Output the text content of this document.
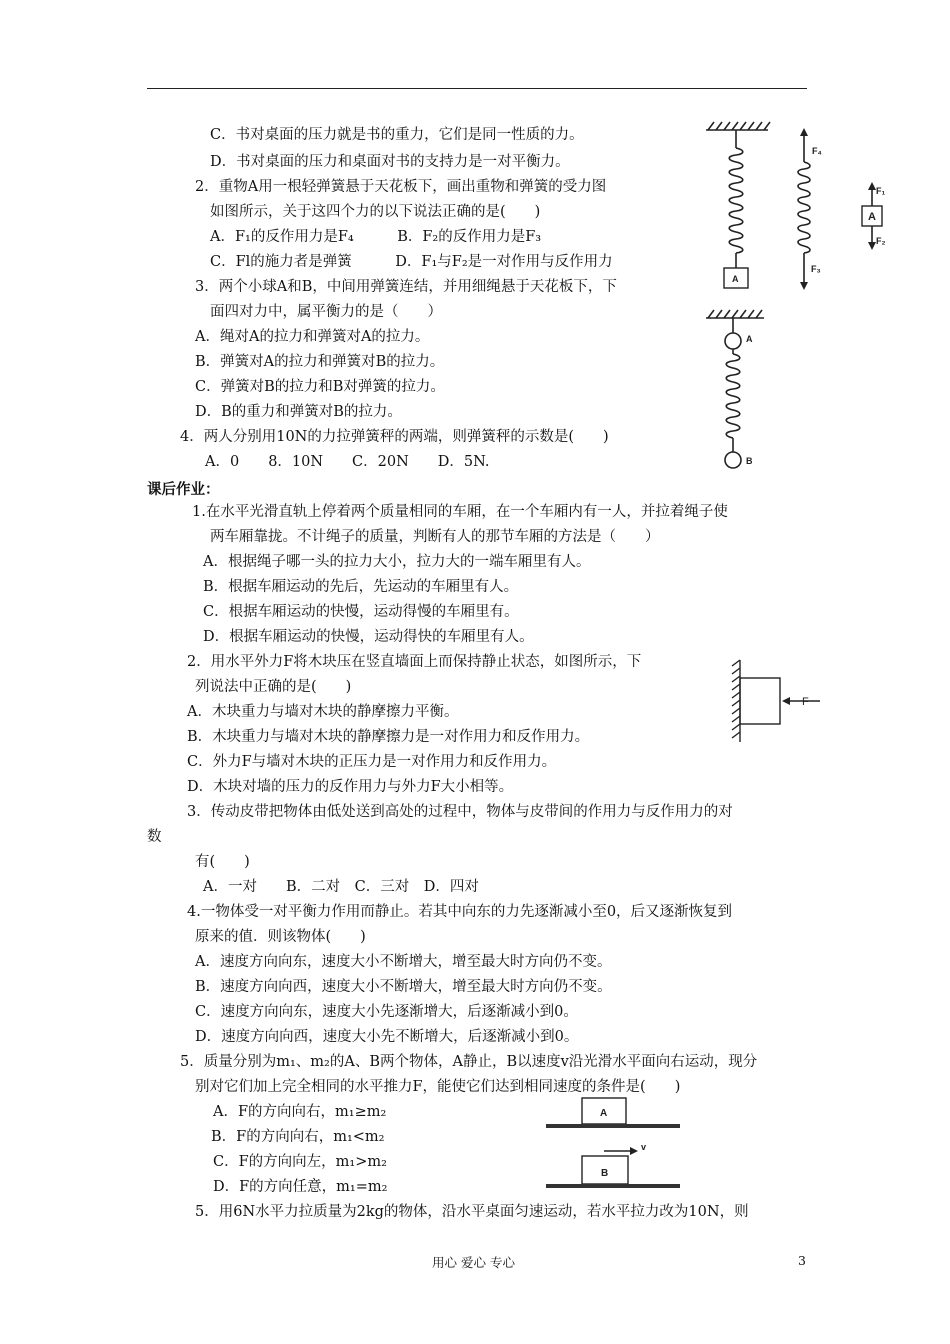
C．书对桌面的压力就是书的重力，它们是同一性质的力。
D．书对桌面的压力和桌面对书的支持力是一对平衡力。
2．重物A用一根轻弹簧悬于天花板下，画出重物和弹簧的受力图
如图所示，关于这四个力的以下说法正确的是(　　)
A．F₁的反作用力是F₄　　　B．F₂的反作用力是F₃
C．Fl的施力者是弹簧　　　D．F₁与F₂是一对作用与反作用力
3．两个小球A和B，中间用弹簧连结，并用细绳悬于天花板下，下
面四对力中，属平衡力的是（　　）
A．绳对A的拉力和弹簧对A的拉力。
B．弹簧对A的拉力和弹簧对B的拉力。
C．弹簧对B的拉力和B对弹簧的拉力。
D．B的重力和弹簧对B的拉力。
4．两人分别用10N的力拉弹簧秤的两端，则弹簧秤的示数是(　　)
A．0　　8．10N　　C．20N　　D．5N.
课后作业：
1.在水平光滑直轨上停着两个质量相同的车厢，在一个车厢内有一人，并拉着绳子使
两车厢靠拢。不计绳子的质量，判断有人的那节车厢的方法是（　　）
A．根据绳子哪一头的拉力大小，拉力大的一端车厢里有人。
B．根据车厢运动的先后，先运动的车厢里有人。
C．根据车厢运动的快慢，运动得慢的车厢里有。
D．根据车厢运动的快慢，运动得快的车厢里有人。
2．用水平外力F将木块压在竖直墙面上而保持静止状态，如图所示，下
列说法中正确的是(　　)
A．木块重力与墙对木块的静摩擦力平衡。
B．木块重力与墙对木块的静摩擦力是一对作用力和反作用力。
C．外力F与墙对木块的正压力是一对作用力和反作用力。
D．木块对墙的压力的反作用力与外力F大小相等。
3．传动皮带把物体由低处送到高处的过程中，物体与皮带间的作用力与反作用力的对
数
有(　　)
A．一对　　B．二对　C．三对　D．四对
4.一物体受一对平衡力作用而静止。若其中向东的力先逐渐减小至0，后又逐渐恢复到
原来的值．则该物体(　　)
A．速度方向向东，速度大小不断增大，增至最大时方向仍不变。
B．速度方向向西，速度大小不断增大，增至最大时方向仍不变。
C．速度方向向东，速度大小先逐渐增大，后逐渐减小到0。
D．速度方向向西，速度大小先不断增大，后逐渐减小到0。
5．质量分别为m₁、m₂的A、B两个物体，A静止，B以速度v沿光滑水平面向右运动，现分
别对它们加上完全相同的水平推力F，能使它们达到相同速度的条件是(　　)
A．F的方向向右，m₁≥m₂
B．F的方向向右，m₁<m₂
C．F的方向向左，m₁>m₂
D．F的方向任意，m₁=m₂
5．用6N水平力拉质量为2kg的物体，沿水平桌面匀速运动，若水平拉力改为10N，则
F₄
F₃
F₁
F₂
A
A
A
B
F
A
B
v
用心 爱心 专心	3
